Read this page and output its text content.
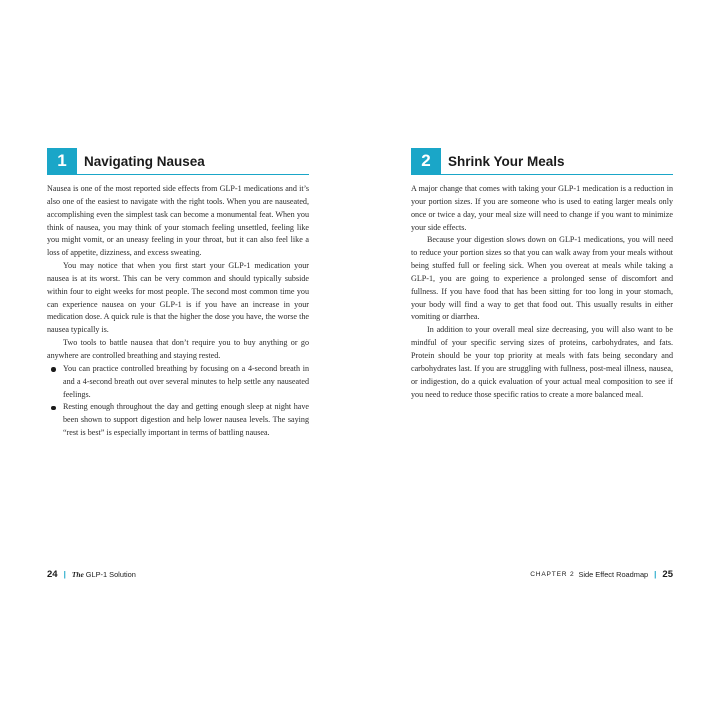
1	Navigating Nausea

Nausea is one of the most reported side effects from GLP-1 medications and it’s also one of the easiest to navigate with the right tools. When you are nauseated, accomplishing even the simplest task can become a monumental feat. When you think of nausea, you may think of your stomach feeling unsettled, feeling like you might vomit, or an uneasy feeling in your throat, but it can also feel like a loss of appetite, dizziness, and excess sweating.

You may notice that when you first start your GLP-1 medication your nausea is at its worst. This can be very common and should typically subside within four to eight weeks for most people. The second most common time you can experience nausea on your GLP-1 is if you have an increase in your medication dose. A quick rule is that the higher the dose you have, the worse the nausea typically is.

Two tools to battle nausea that don’t require you to buy anything or go anywhere are controlled breathing and staying rested.

You can practice controlled breathing by focusing on a 4-second breath in and a 4-second breath out over several minutes to help settle any nauseated feelings.
Resting enough throughout the day and getting enough sleep at night have been shown to support digestion and help lower nausea levels. The saying “rest is best” is especially important in terms of battling nausea.
24 | The GLP-1 Solution
2	Shrink Your Meals

A major change that comes with taking your GLP-1 medication is a reduction in your portion sizes. If you are someone who is used to eating larger meals only once or twice a day, your meal size will need to change if you want to minimize your side effects.

Because your digestion slows down on GLP-1 medications, you will need to reduce your portion sizes so that you can walk away from your meals without being stuffed full or feeling sick. When you overeat at meals while taking a GLP-1, you are going to experience a prolonged sense of discomfort and fullness. If you have food that has been sitting for too long in your stomach, your body will find a way to get that food out. This usually results in either vomiting or diarrhea.

In addition to your overall meal size decreasing, you will also want to be mindful of your specific serving sizes of proteins, carbohydrates, and fats. Protein should be your top priority at meals with fats being secondary and carbohydrates last. If you are struggling with fullness, post-meal illness, nausea, or indigestion, do a quick evaluation of your actual meal composition to see if you need to reduce those specific ratios to create a more balanced meal.

CHAPTER 2 Side Effect Roadmap | 25
